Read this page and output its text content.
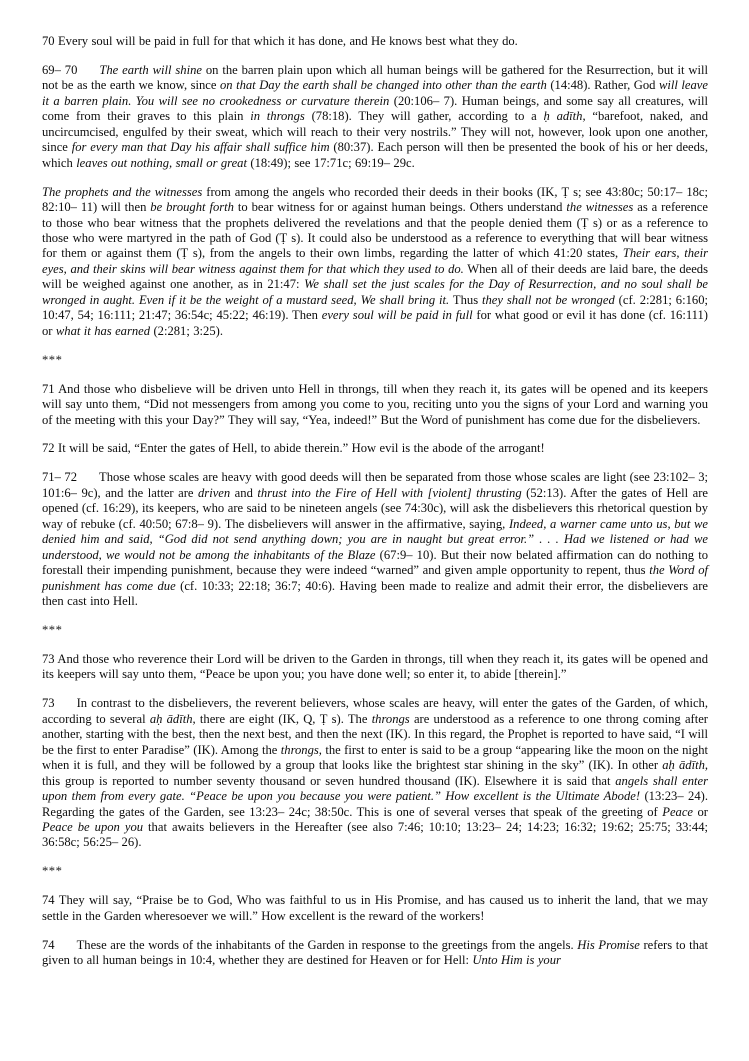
70 Every soul will be paid in full for that which it has done, and He knows best what they do.

69– 70 The earth will shine on the barren plain upon which all human beings will be gathered for the Resurrection, but it will not be as the earth we know, since on that Day the earth shall be changed into other than the earth (14:48). Rather, God will leave it a barren plain. You will see no crookedness or curvature therein (20:106– 7). Human beings, and some say all creatures, will come from their graves to this plain in throngs (78:18). They will gather, according to a ḥ adīth, “barefoot, naked, and uncircumcised, engulfed by their sweat, which will reach to their very nostrils.” They will not, however, look upon one another, since for every man that Day his affair shall suffice him (80:37). Each person will then be presented the book of his or her deeds, which leaves out nothing, small or great (18:49); see 17:71c; 69:19– 29c.

The prophets and the witnesses from among the angels who recorded their deeds in their books (IK, Ṭ s; see 43:80c; 50:17– 18c; 82:10– 11) will then be brought forth to bear witness for or against human beings. Others understand the witnesses as a reference to those who bear witness that the prophets delivered the revelations and that the people denied them (Ṭ s) or as a reference to those who were martyred in the path of God (Ṭ s). It could also be understood as a reference to everything that will bear witness for them or against them (Ṭ s), from the angels to their own limbs, regarding the latter of which 41:20 states, Their ears, their eyes, and their skins will bear witness against them for that which they used to do. When all of their deeds are laid bare, the deeds will be weighed against one another, as in 21:47: We shall set the just scales for the Day of Resurrection, and no soul shall be wronged in aught. Even if it be the weight of a mustard seed, We shall bring it. Thus they shall not be wronged (cf. 2:281; 6:160; 10:47, 54; 16:111; 21:47; 36:54c; 45:22; 46:19). Then every soul will be paid in full for what good or evil it has done (cf. 16:111) or what it has earned (2:281; 3:25).

***

71 And those who disbelieve will be driven unto Hell in throngs, till when they reach it, its gates will be opened and its keepers will say unto them, “Did not messengers from among you come to you, reciting unto you the signs of your Lord and warning you of the meeting with this your Day?” They will say, “Yea, indeed!” But the Word of punishment has come due for the disbelievers.

72 It will be said, “Enter the gates of Hell, to abide therein.” How evil is the abode of the arrogant!

71– 72 Those whose scales are heavy with good deeds will then be separated from those whose scales are light (see 23:102– 3; 101:6– 9c), and the latter are driven and thrust into the Fire of Hell with [violent] thrusting (52:13). After the gates of Hell are opened (cf. 16:29), its keepers, who are said to be nineteen angels (see 74:30c), will ask the disbelievers this rhetorical question by way of rebuke (cf. 40:50; 67:8– 9). The disbelievers will answer in the affirmative, saying, Indeed, a warner came unto us, but we denied him and said, “God did not send anything down; you are in naught but great error.” . . . Had we listened or had we understood, we would not be among the inhabitants of the Blaze (67:9– 10). But their now belated affirmation can do nothing to forestall their impending punishment, because they were indeed “warned” and given ample opportunity to repent, thus the Word of punishment has come due (cf. 10:33; 22:18; 36:7; 40:6). Having been made to realize and admit their error, the disbelievers are then cast into Hell.

***

73 And those who reverence their Lord will be driven to the Garden in throngs, till when they reach it, its gates will be opened and its keepers will say unto them, “Peace be upon you; you have done well; so enter it, to abide [therein].”

73 In contrast to the disbelievers, the reverent believers, whose scales are heavy, will enter the gates of the Garden, of which, according to several aḥ ādīth, there are eight (IK, Q, Ṭ s). The throngs are understood as a reference to one throng coming after another, starting with the best, then the next best, and then the next (IK). In this regard, the Prophet is reported to have said, “I will be the first to enter Paradise” (IK). Among the throngs, the first to enter is said to be a group “appearing like the moon on the night when it is full, and they will be followed by a group that looks like the brightest star shining in the sky” (IK). In other aḥ ādīth, this group is reported to number seventy thousand or seven hundred thousand (IK). Elsewhere it is said that angels shall enter upon them from every gate. “Peace be upon you because you were patient.” How excellent is the Ultimate Abode! (13:23– 24). Regarding the gates of the Garden, see 13:23– 24c; 38:50c. This is one of several verses that speak of the greeting of Peace or Peace be upon you that awaits believers in the Hereafter (see also 7:46; 10:10; 13:23– 24; 14:23; 16:32; 19:62; 25:75; 33:44; 36:58c; 56:25– 26).

***

74 They will say, “Praise be to God, Who was faithful to us in His Promise, and has caused us to inherit the land, that we may settle in the Garden wheresoever we will.” How excellent is the reward of the workers!

74 These are the words of the inhabitants of the Garden in response to the greetings from the angels. His Promise refers to that given to all human beings in 10:4, whether they are destined for Heaven or for Hell: Unto Him is your
